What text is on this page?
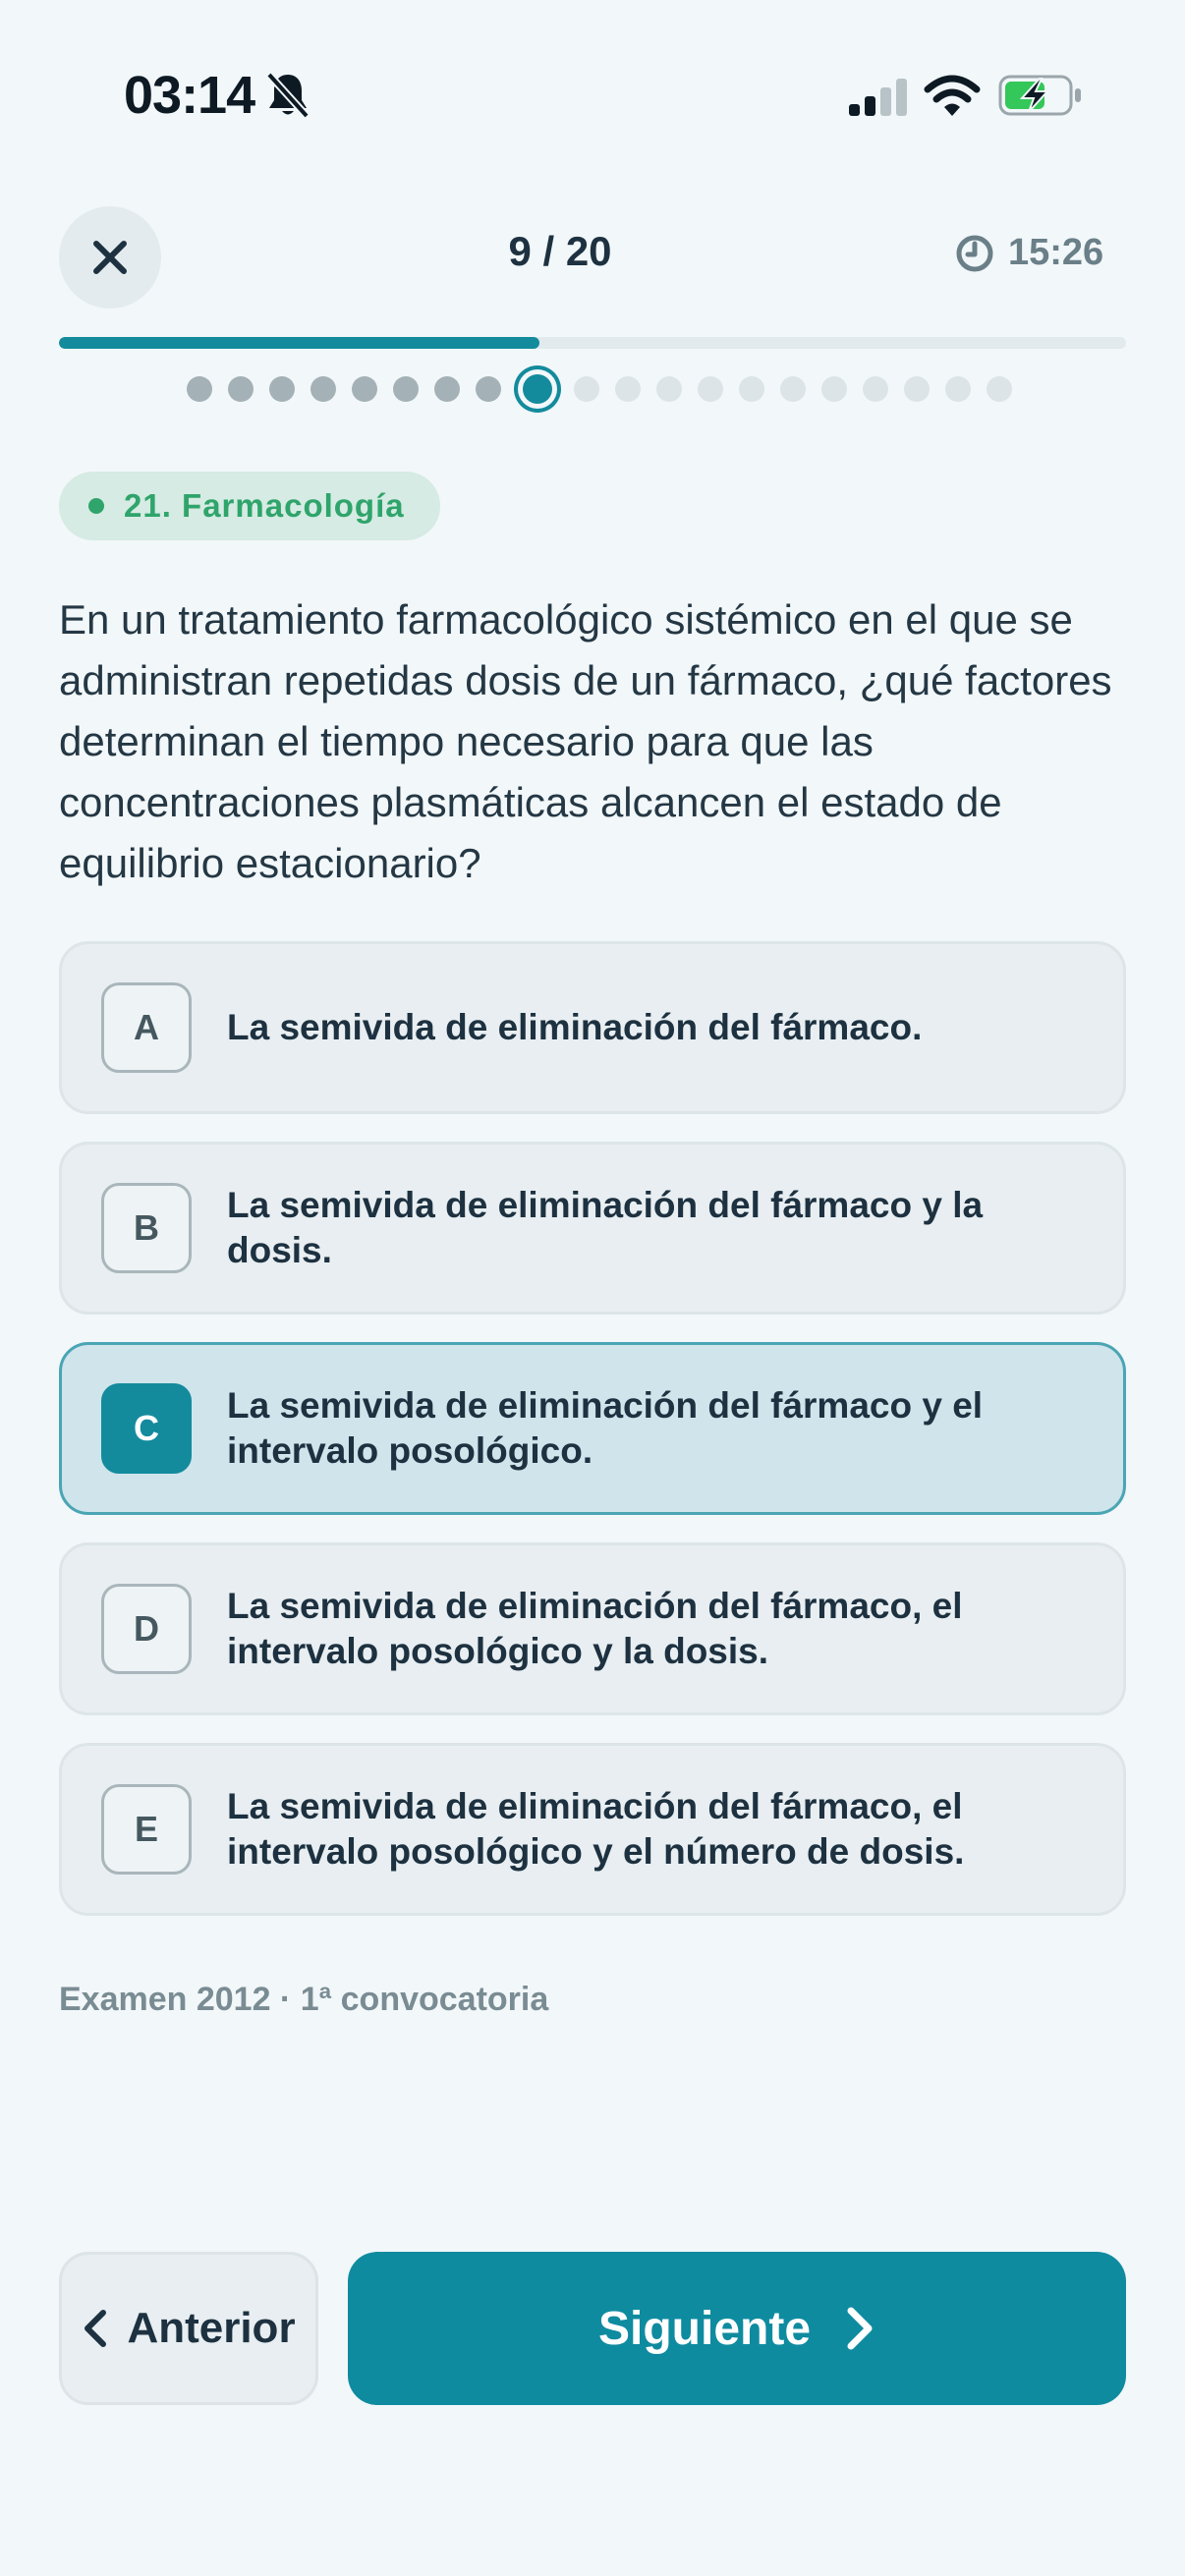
03:14
9 / 20	15:26
21. Farmacología
En un tratamiento farmacológico sistémico en el que se administran repetidas dosis de un fármaco, ¿qué factores determinan el tiempo necesario para que las concentraciones plasmáticas alcancen el estado de equilibrio estacionario?
A	La semivida de eliminación del fármaco.
B
La semivida de eliminación del fármaco y la dosis.
C
La semivida de eliminación del fármaco y el intervalo posológico.
D
La semivida de eliminación del fármaco, el intervalo posológico y la dosis.
E
La semivida de eliminación del fármaco, el intervalo posológico y el número de dosis.
Examen 2012 · 1ª convocatoria
Anterior	Siguiente
